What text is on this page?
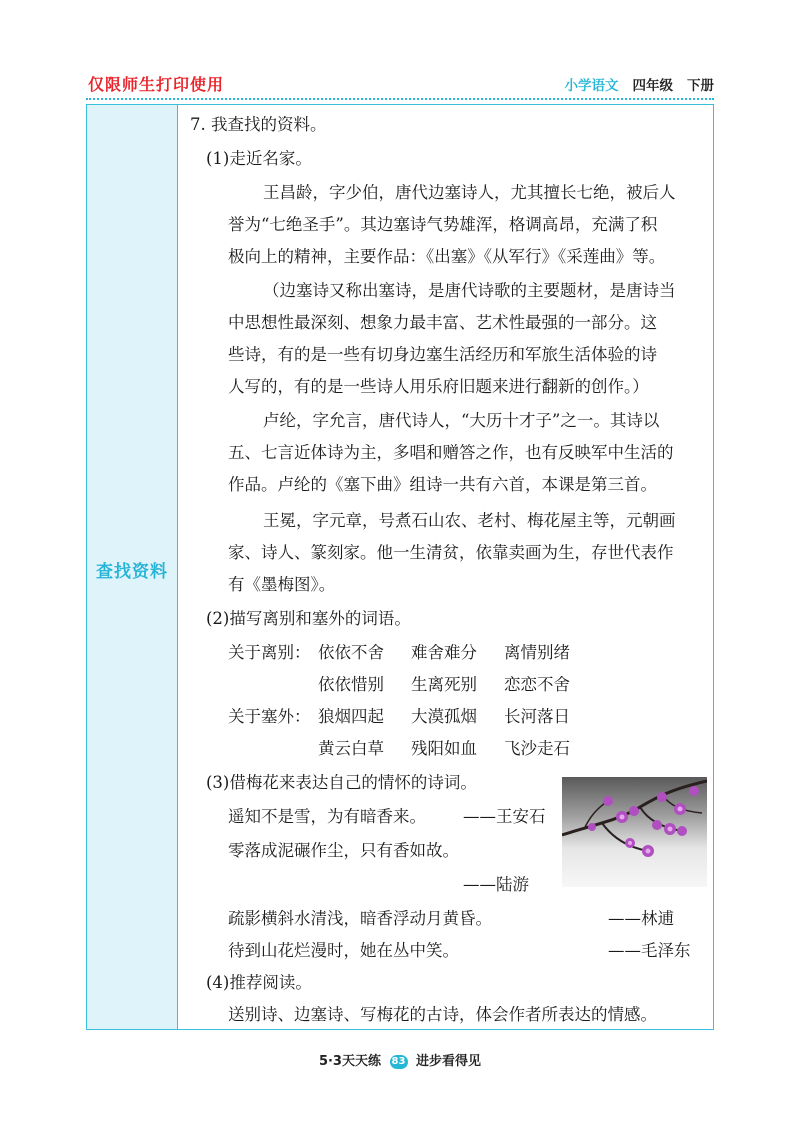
仅限师生打印使用	小学语文 四年级 下册
查找资料
7. 我查找的资料。
(1)走近名家。
王昌龄，字少伯，唐代边塞诗人，尤其擅长七绝，被后人
誉为“七绝圣手”。其边塞诗气势雄浑，格调高昂，充满了积
极向上的精神，主要作品：《出塞》《从军行》《采莲曲》等。
（边塞诗又称出塞诗，是唐代诗歌的主要题材，是唐诗当
中思想性最深刻、想象力最丰富、艺术性最强的一部分。这
些诗，有的是一些有切身边塞生活经历和军旅生活体验的诗
人写的，有的是一些诗人用乐府旧题来进行翻新的创作。）
卢纶，字允言，唐代诗人，“大历十才子”之一。其诗以
五、七言近体诗为主，多唱和赠答之作，也有反映军中生活的
作品。卢纶的《塞下曲》组诗一共有六首，本课是第三首。
王冕，字元章，号煮石山农、老村、梅花屋主等，元朝画
家、诗人、篆刻家。他一生清贫，依靠卖画为生，存世代表作
有《墨梅图》。
(2)描写离别和塞外的词语。
关于离别： 依依不舍 难舍难分 离情别绪
依依惜别 生离死别 恋恋不舍
关于塞外： 狼烟四起 大漠孤烟 长河落日
黄云白草 残阳如血 飞沙走石
(3)借梅花来表达自己的情怀的诗词。
遥知不是雪，为有暗香来。 ——王安石
零落成泥碾作尘，只有香如故。
——陆游
疏影横斜水清浅，暗香浮动月黄昏。	——林逋
待到山花烂漫时，她在丛中笑。	——毛泽东
(4)推荐阅读。
送别诗、边塞诗、写梅花的古诗，体会作者所表达的情感。
5·3天天练 83 进步看得见
